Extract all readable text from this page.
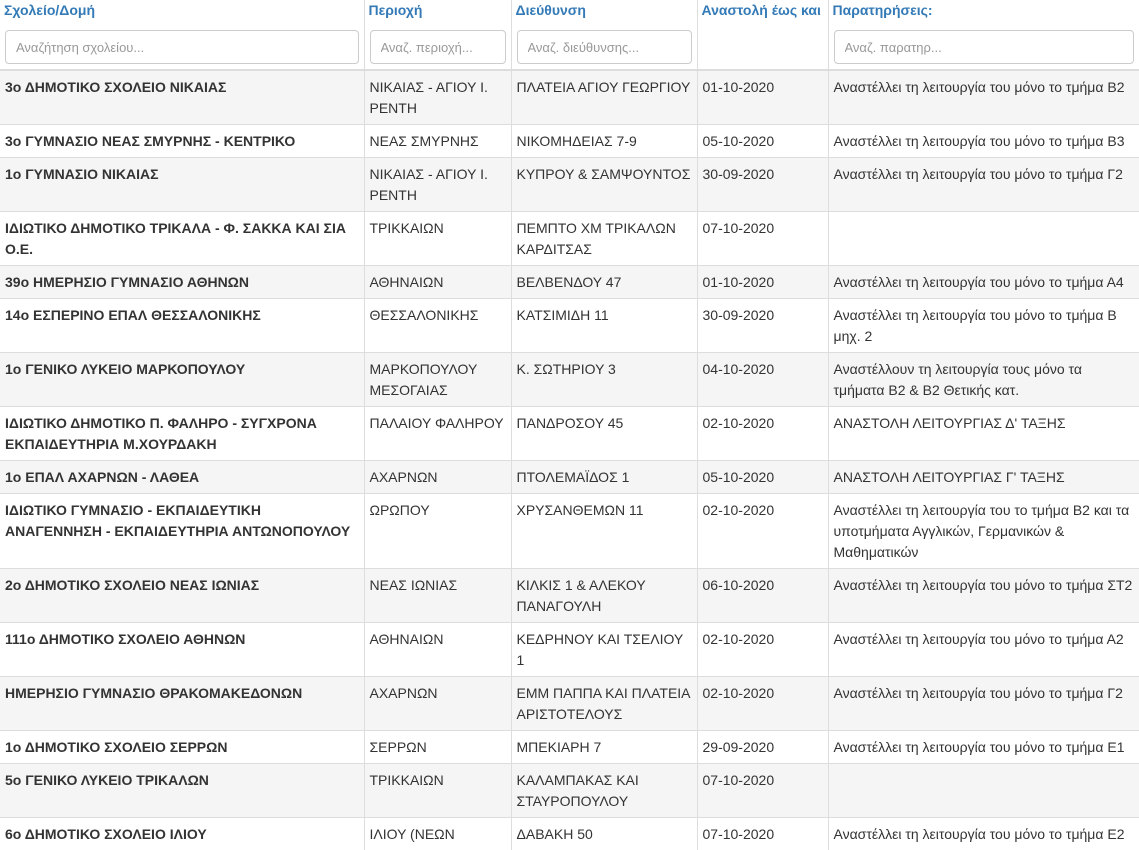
Σχολείο/Δομή	Περιοχή	Διεύθυνση	Αναστολή έως και	Παρατηρήσεις:
Αναζήτηση σχολείου...	Αναζ. περιοχή...	Αναζ. διεύθυνσης...		Αναζ. παρατηρ...
3ο ΔΗΜΟΤΙΚΟ ΣΧΟΛΕΙΟ ΝΙΚΑΙΑΣ	ΝΙΚΑΙΑΣ - ΑΓΙΟΥ Ι. ΡΕΝΤΗ	ΠΛΑΤΕΙΑ ΑΓΙΟΥ ΓΕΩΡΓΙΟΥ	01-10-2020	Αναστέλλει τη λειτουργία του μόνο το τμήμα Β2
3ο ΓΥΜΝΑΣΙΟ ΝΕΑΣ ΣΜΥΡΝΗΣ - ΚΕΝΤΡΙΚΟ	ΝΕΑΣ ΣΜΥΡΝΗΣ	ΝΙΚΟΜΗΔΕΙΑΣ 7-9	05-10-2020	Αναστέλλει τη λειτουργία του μόνο το τμήμα Β3
1ο ΓΥΜΝΑΣΙΟ ΝΙΚΑΙΑΣ	ΝΙΚΑΙΑΣ - ΑΓΙΟΥ Ι. ΡΕΝΤΗ	ΚΥΠΡΟΥ & ΣΑΜΨΟΥΝΤΟΣ	30-09-2020	Αναστέλλει τη λειτουργία του μόνο το τμήμα Γ2
ΙΔΙΩΤΙΚΟ ΔΗΜΟΤΙΚΟ ΤΡΙΚΑΛΑ - Φ. ΣΑΚΚΑ ΚΑΙ ΣΙΑ Ο.Ε.	ΤΡΙΚΚΑΙΩΝ	ΠΕΜΠΤΟ ΧΜ ΤΡΙΚΑΛΩΝ ΚΑΡΔΙΤΣΑΣ	07-10-2020	
39ο ΗΜΕΡΗΣΙΟ ΓΥΜΝΑΣΙΟ ΑΘΗΝΩΝ	ΑΘΗΝΑΙΩΝ	ΒΕΛΒΕΝΔΟΥ 47	01-10-2020	Αναστέλλει τη λειτουργία του μόνο το τμήμα Α4
14ο ΕΣΠΕΡΙΝΟ ΕΠΑΛ ΘΕΣΣΑΛΟΝΙΚΗΣ	ΘΕΣΣΑΛΟΝΙΚΗΣ	ΚΑΤΣΙΜΙΔΗ 11	30-09-2020	Αναστέλλει τη λειτουργία του μόνο το τμήμα Β μηχ. 2
1ο ΓΕΝΙΚΟ ΛΥΚΕΙΟ ΜΑΡΚΟΠΟΥΛΟΥ	ΜΑΡΚΟΠΟΥΛΟΥ ΜΕΣΟΓΑΙΑΣ	Κ. ΣΩΤΗΡΙΟΥ 3	04-10-2020	Αναστέλλουν τη λειτουργία τους μόνο τα τμήματα Β2 & Β2 Θετικής κατ.
ΙΔΙΩΤΙΚΟ ΔΗΜΟΤΙΚΟ Π. ΦΑΛΗΡΟ - ΣΥΓΧΡΟΝΑ ΕΚΠΑΙΔΕΥΤΗΡΙΑ Μ.ΧΟΥΡΔΑΚΗ	ΠΑΛΑΙΟΥ ΦΑΛΗΡΟΥ	ΠΑΝΔΡΟΣΟΥ 45	02-10-2020	ΑΝΑΣΤΟΛΗ ΛΕΙΤΟΥΡΓΙΑΣ Δ' ΤΑΞΗΣ
1ο ΕΠΑΛ ΑΧΑΡΝΩΝ - ΛΑΘΕΑ	ΑΧΑΡΝΩΝ	ΠΤΟΛΕΜΑΪΔΟΣ 1	05-10-2020	ΑΝΑΣΤΟΛΗ ΛΕΙΤΟΥΡΓΙΑΣ Γ' ΤΑΞΗΣ
ΙΔΙΩΤΙΚΟ ΓΥΜΝΑΣΙΟ - ΕΚΠΑΙΔΕΥΤΙΚΗ ΑΝΑΓΕΝΝΗΣΗ - ΕΚΠΑΙΔΕΥΤΗΡΙΑ ΑΝΤΩΝΟΠΟΥΛΟΥ	ΩΡΩΠΟΥ	ΧΡΥΣΑΝΘΕΜΩΝ 11	02-10-2020	Αναστέλλει τη λειτουργία του το τμήμα Β2 και τα υποτμήματα Αγγλικών, Γερμανικών & Μαθηματικών
2ο ΔΗΜΟΤΙΚΟ ΣΧΟΛΕΙΟ ΝΕΑΣ ΙΩΝΙΑΣ	ΝΕΑΣ ΙΩΝΙΑΣ	ΚΙΛΚΙΣ 1 & ΑΛΕΚΟΥ ΠΑΝΑΓΟΥΛΗ	06-10-2020	Αναστέλλει τη λειτουργία του μόνο το τμήμα ΣΤ2
111ο ΔΗΜΟΤΙΚΟ ΣΧΟΛΕΙΟ ΑΘΗΝΩΝ	ΑΘΗΝΑΙΩΝ	ΚΕΔΡΗΝΟΥ ΚΑΙ ΤΣΕΛΙΟΥ 1	02-10-2020	Αναστέλλει τη λειτουργία του μόνο το τμήμα Α2
ΗΜΕΡΗΣΙΟ ΓΥΜΝΑΣΙΟ ΘΡΑΚΟΜΑΚΕΔΟΝΩΝ	ΑΧΑΡΝΩΝ	ΕΜΜ ΠΑΠΠΑ ΚΑΙ ΠΛΑΤΕΙΑ ΑΡΙΣΤΟΤΕΛΟΥΣ	02-10-2020	Αναστέλλει τη λειτουργία του μόνο το τμήμα Γ2
1ο ΔΗΜΟΤΙΚΟ ΣΧΟΛΕΙΟ ΣΕΡΡΩΝ	ΣΕΡΡΩΝ	ΜΠΕΚΙΑΡΗ 7	29-09-2020	Αναστέλλει τη λειτουργία του μόνο το τμήμα Ε1
5ο ΓΕΝΙΚΟ ΛΥΚΕΙΟ ΤΡΙΚΑΛΩΝ	ΤΡΙΚΚΑΙΩΝ	ΚΑΛΑΜΠΑΚΑΣ ΚΑΙ ΣΤΑΥΡΟΠΟΥΛΟΥ	07-10-2020	
6ο ΔΗΜΟΤΙΚΟ ΣΧΟΛΕΙΟ ΙΛΙΟΥ	ΙΛΙΟΥ (ΝΕΩΝ	ΔΑΒΑΚΗ 50	07-10-2020	Αναστέλλει τη λειτουργία του μόνο το τμήμα Ε2
